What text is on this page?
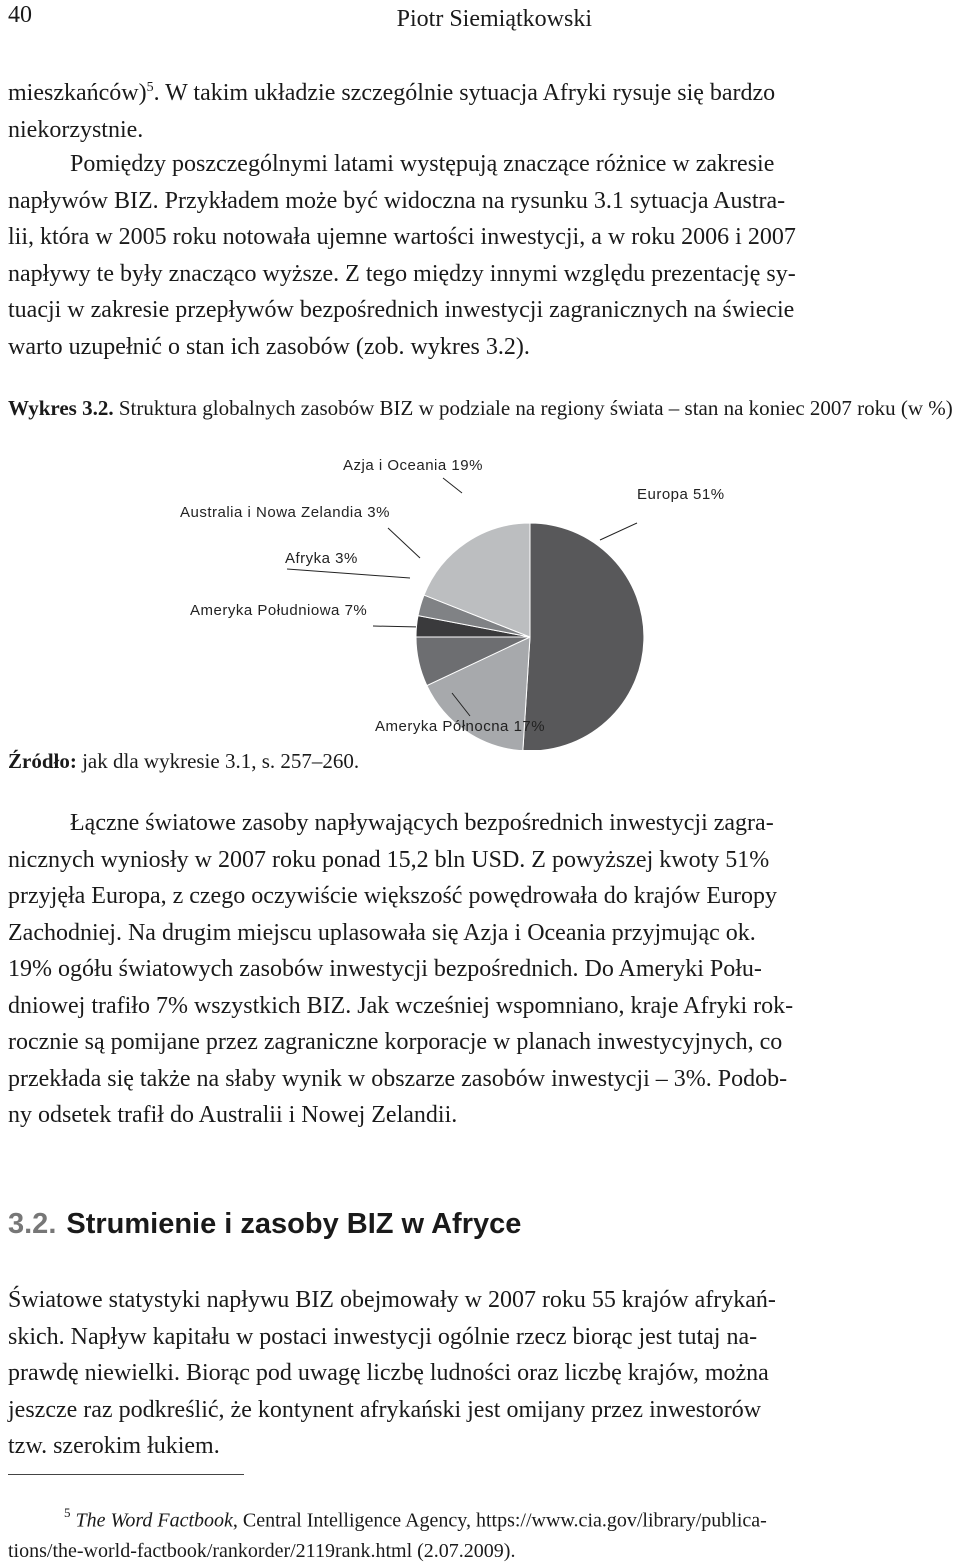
40	Piotr Siemiątkowski

mieszkańców)$^5$. W takim układzie szczególnie sytuacja Afryki rysuje się bardzo
niekorzystnie.

Pomiędzy poszczególnymi latami występują znaczące różnice w zakresie
napływów BIZ. Przykładem może być widoczna na rysunku 3.1 sytuacja Austra-
lii, która w 2005 roku notowała ujemne wartości inwestycji, a w roku 2006 i 2007
napływy te były znacząco wyższe. Z tego między innymi względu prezentację sy-
tuacji w zakresie przepływów bezpośrednich inwestycji zagranicznych na świecie
warto uzupełnić o stan ich zasobów (zob. wykres 3.2).

Wykres 3.2. Struktura globalnych zasobów BIZ w podziale na regiony świata – stan na koniec 2007 roku (w %)

Europa 51%
Ameryka Północna 17%
Ameryka Południowa 7%
Afryka 3%
Australia i Nowa Zelandia 3%
Azja i Oceania 19%
Źródło: jak dla wykresie 3.1, s. 257–260.

Łączne światowe zasoby napływających bezpośrednich inwestycji zagra-
nicznych wyniosły w 2007 roku ponad 15,2 bln USD. Z powyższej kwoty 51%
przyjęła Europa, z czego oczywiście większość powędrowała do krajów Europy
Zachodniej. Na drugim miejscu uplasowała się Azja i Oceania przyjmując ok.
19% ogółu światowych zasobów inwestycji bezpośrednich. Do Ameryki Połu-
dniowej trafiło 7% wszystkich BIZ. Jak wcześniej wspomniano, kraje Afryki rok-
rocznie są pomijane przez zagraniczne korporacje w planach inwestycyjnych, co
przekłada się także na słaby wynik w obszarze zasobów inwestycji – 3%. Podob-
ny odsetek trafił do Australii i Nowej Zelandii.

3.2. Strumienie i zasoby BIZ w Afryce

Światowe statystyki napływu BIZ obejmowały w 2007 roku 55 krajów afrykań-
skich. Napływ kapitału w postaci inwestycji ogólnie rzecz biorąc jest tutaj na-
prawdę niewielki. Biorąc pod uwagę liczbę ludności oraz liczbę krajów, można
jeszcze raz podkreślić, że kontynent afrykański jest omijany przez inwestorów
tzw. szerokim łukiem.

$^5$ The Word Factbook, Central Intelligence Agency, https://www.cia.gov/library/publica-
tions/the-world-factbook/rankorder/2119rank.html (2.07.2009).
